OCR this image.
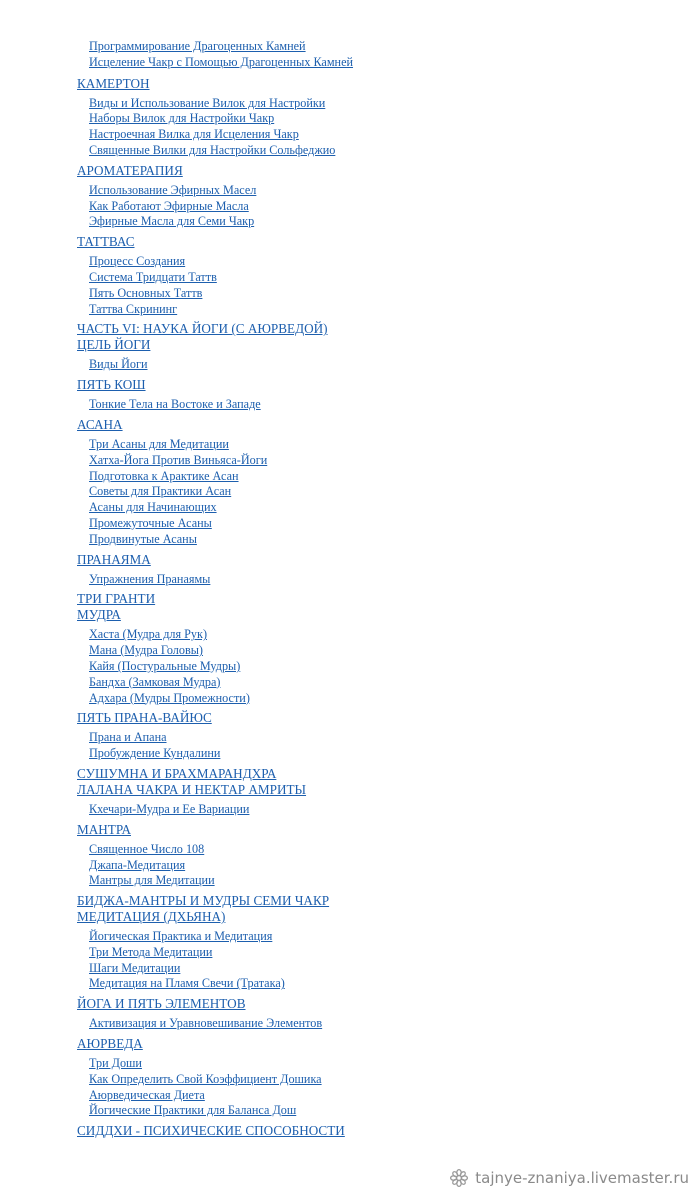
Программирование Драгоценных Камней
Исцеление Чакр с Помощью Драгоценных Камней
КАМЕРТОН
Виды и Использование Вилок для Настройки
Наборы Вилок для Настройки Чакр
Настроечная Вилка для Исцеления Чакр
Священные Вилки для Настройки Сольфеджио
АРОМАТЕРАПИЯ
Использование Эфирных Масел
Как Работают Эфирные Масла
Эфирные Масла для Семи Чакр
ТАТТВАС
Процесс Создания
Система Тридцати Таттв
Пять Основных Таттв
Таттва Скрининг
ЧАСТЬ VI: НАУКА ЙОГИ (С АЮРВЕДОЙ)
ЦЕЛЬ ЙОГИ
Виды Йоги
ПЯТЬ КОШ
Тонкие Тела на Востоке и Западе
АСАНА
Три Асаны для Медитации
Хатха-Йога Против Виньяса-Йоги
Подготовка к Арактике Асан
Советы для Практики Асан
Асаны для Начинающих
Промежуточные Асаны
Продвинутые Асаны
ПРАНАЯМА
Упражнения Пранаямы
ТРИ ГРАНТИ
МУДРА
Хаста (Мудра для Рук)
Мана (Мудра Головы)
Кайя (Постуральные Мудры)
Бандха (Замковая Мудра)
Адхара (Мудры Промежности)
ПЯТЬ ПРАНА-ВАЙЮС
Прана и Апана
Пробуждение Кундалини
СУШУМНА И БРАХМАРАНДХРА
ЛАЛАНА ЧАКРА И НЕКТАР АМРИТЫ
Кхечари-Мудра и Ее Вариации
МАНТРА
Священное Число 108
Джапа-Медитация
Мантры для Медитации
БИДЖА-МАНТРЫ И МУДРЫ СЕМИ ЧАКР
МЕДИТАЦИЯ (ДХЬЯНА)
Йогическая Практика и Медитация
Три Метода Медитации
Шаги Медитации
Медитация на Пламя Свечи (Тратака)
ЙОГА И ПЯТЬ ЭЛЕМЕНТОВ
Активизация и Уравновешивание Элементов
АЮРВЕДА
Три Доши
Как Определить Свой Коэффициент Дошика
Аюрведическая Диета
Йогические Практики для Баланса Дош
СИДДХИ - ПСИХИЧЕСКИЕ СПОСОБНОСТИ
tajnye-znaniya.livemaster.ru
